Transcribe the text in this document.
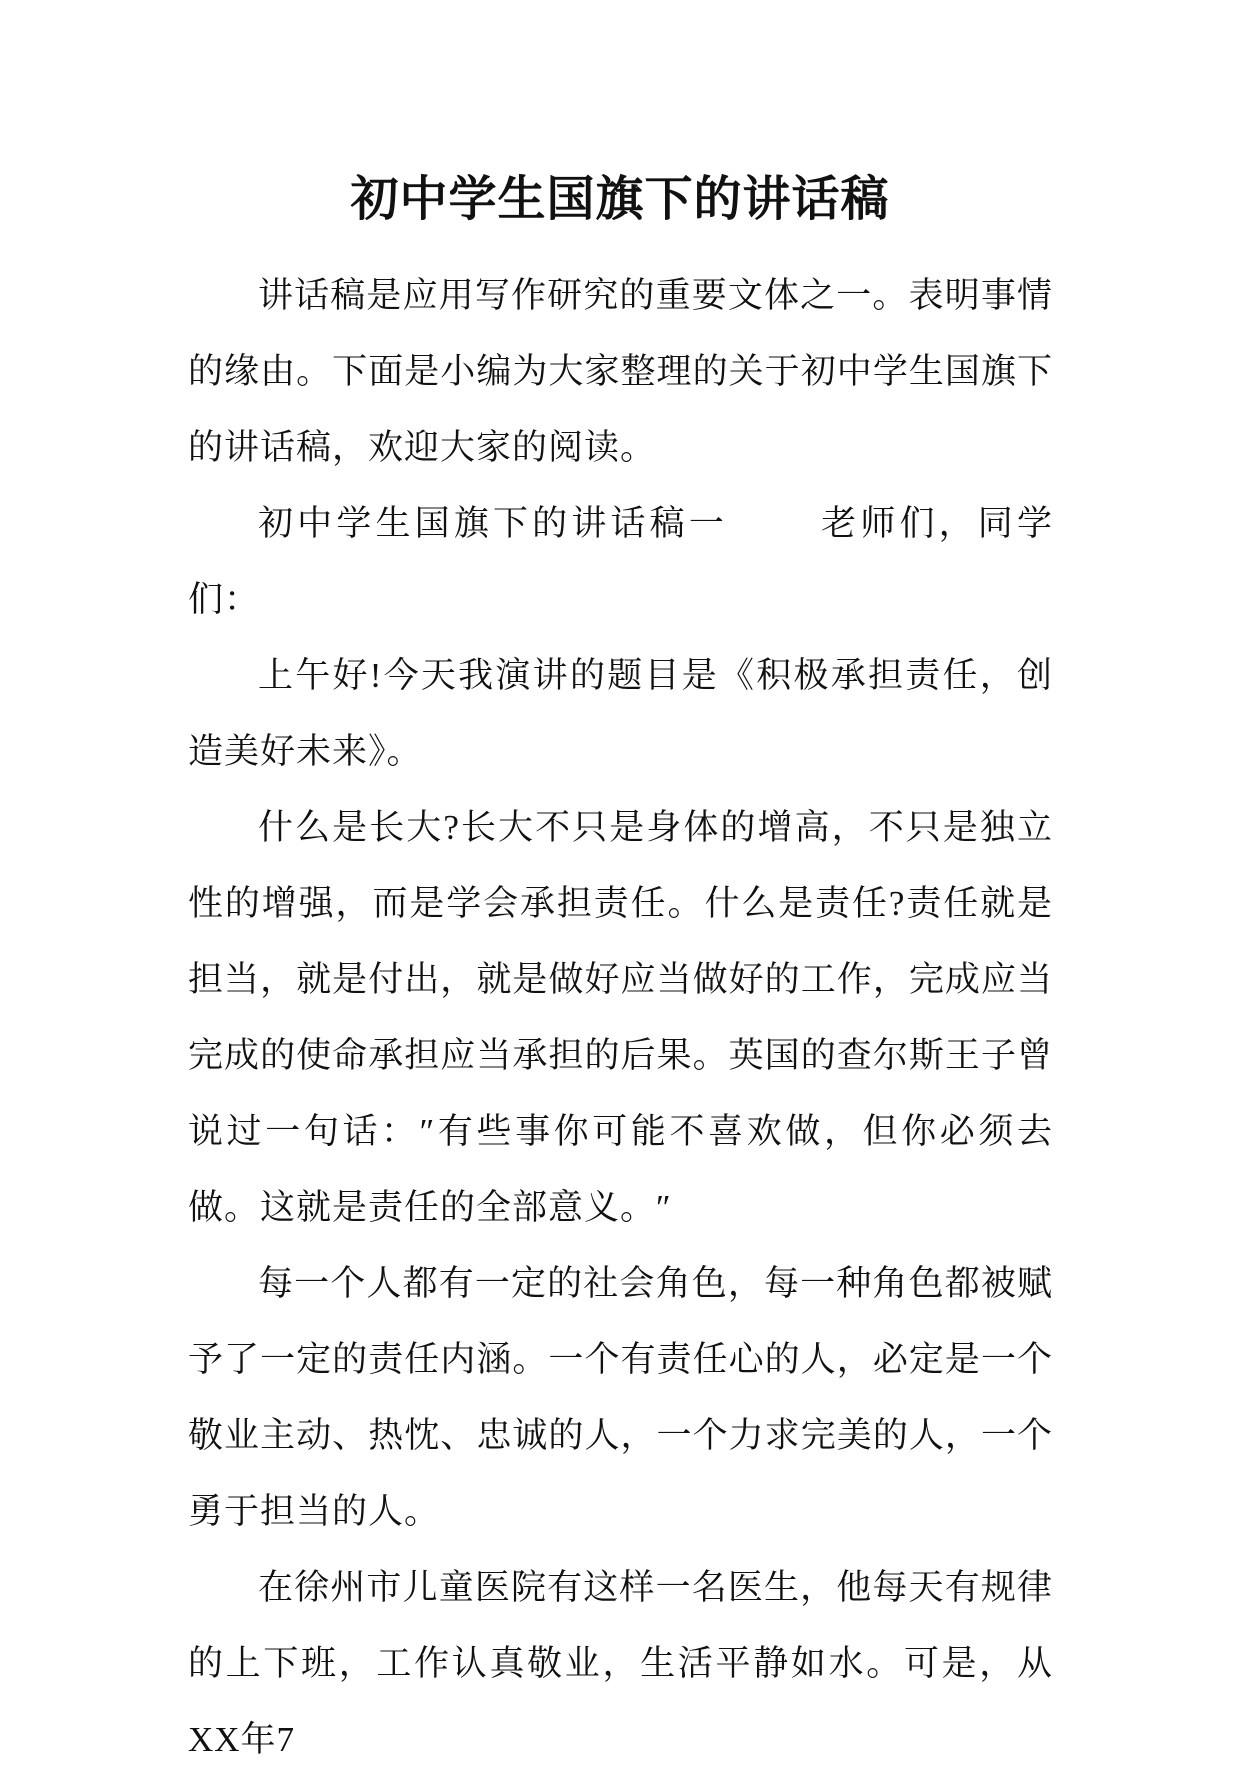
初中学生国旗下的讲话稿

讲话稿是应用写作研究的重要文体之一。表明事情的缘由。下面是小编为大家整理的关于初中学生国旗下的讲话稿，欢迎大家的阅读。

初中学生国旗下的讲话稿一	老师们，同学们：

上午好!今天我演讲的题目是《积极承担责任，创造美好未来》。

什么是长大?长大不只是身体的增高，不只是独立性的增强，而是学会承担责任。什么是责任?责任就是担当，就是付出，就是做好应当做好的工作，完成应当完成的使命承担应当承担的后果。英国的查尔斯王子曾说过一句话：″有些事你可能不喜欢做，但你必须去做。这就是责任的全部意义。″

每一个人都有一定的社会角色，每一种角色都被赋予了一定的责任内涵。一个有责任心的人，必定是一个敬业主动、热忱、忠诚的人，一个力求完美的人，一个勇于担当的人。

在徐州市儿童医院有这样一名医生，他每天有规律的上下班，工作认真敬业，生活平静如水。可是，从XX年7
